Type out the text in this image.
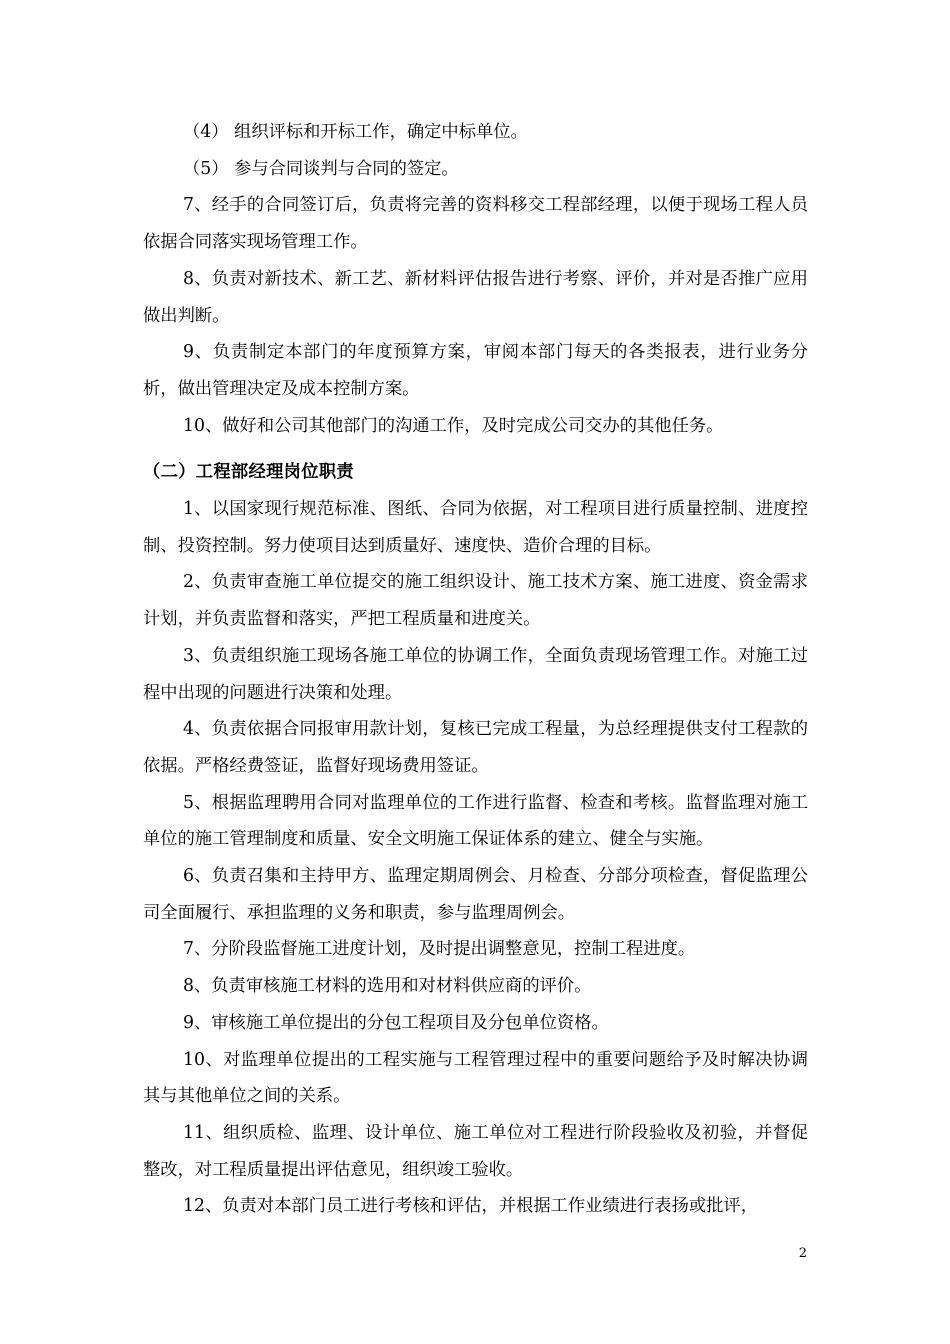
（4） 组织评标和开标工作，确定中标单位。

（5） 参与合同谈判与合同的签定。

7、经手的合同签订后，负责将完善的资料移交工程部经理，以便于现场工程人员依据合同落实现场管理工作。

8、负责对新技术、新工艺、新材料评估报告进行考察、评价，并对是否推广应用做出判断。

9、负责制定本部门的年度预算方案，审阅本部门每天的各类报表，进行业务分析，做出管理决定及成本控制方案。

10、做好和公司其他部门的沟通工作，及时完成公司交办的其他任务。

（二）工程部经理岗位职责

1、以国家现行规范标准、图纸、合同为依据，对工程项目进行质量控制、进度控制、投资控制。努力使项目达到质量好、速度快、造价合理的目标。

2、负责审查施工单位提交的施工组织设计、施工技术方案、施工进度、资金需求计划，并负责监督和落实，严把工程质量和进度关。

3、负责组织施工现场各施工单位的协调工作，全面负责现场管理工作。对施工过程中出现的问题进行决策和处理。

4、负责依据合同报审用款计划，复核已完成工程量，为总经理提供支付工程款的依据。严格经费签证，监督好现场费用签证。

5、根据监理聘用合同对监理单位的工作进行监督、检查和考核。监督监理对施工单位的施工管理制度和质量、安全文明施工保证体系的建立、健全与实施。

6、负责召集和主持甲方、监理定期周例会、月检查、分部分项检查，督促监理公司全面履行、承担监理的义务和职责，参与监理周例会。

7、分阶段监督施工进度计划，及时提出调整意见，控制工程进度。

8、负责审核施工材料的选用和对材料供应商的评价。

9、审核施工单位提出的分包工程项目及分包单位资格。

10、对监理单位提出的工程实施与工程管理过程中的重要问题给予及时解决协调其与其他单位之间的关系。

11、组织质检、监理、设计单位、施工单位对工程进行阶段验收及初验，并督促整改，对工程质量提出评估意见，组织竣工验收。

12、负责对本部门员工进行考核和评估，并根据工作业绩进行表扬或批评，

2
